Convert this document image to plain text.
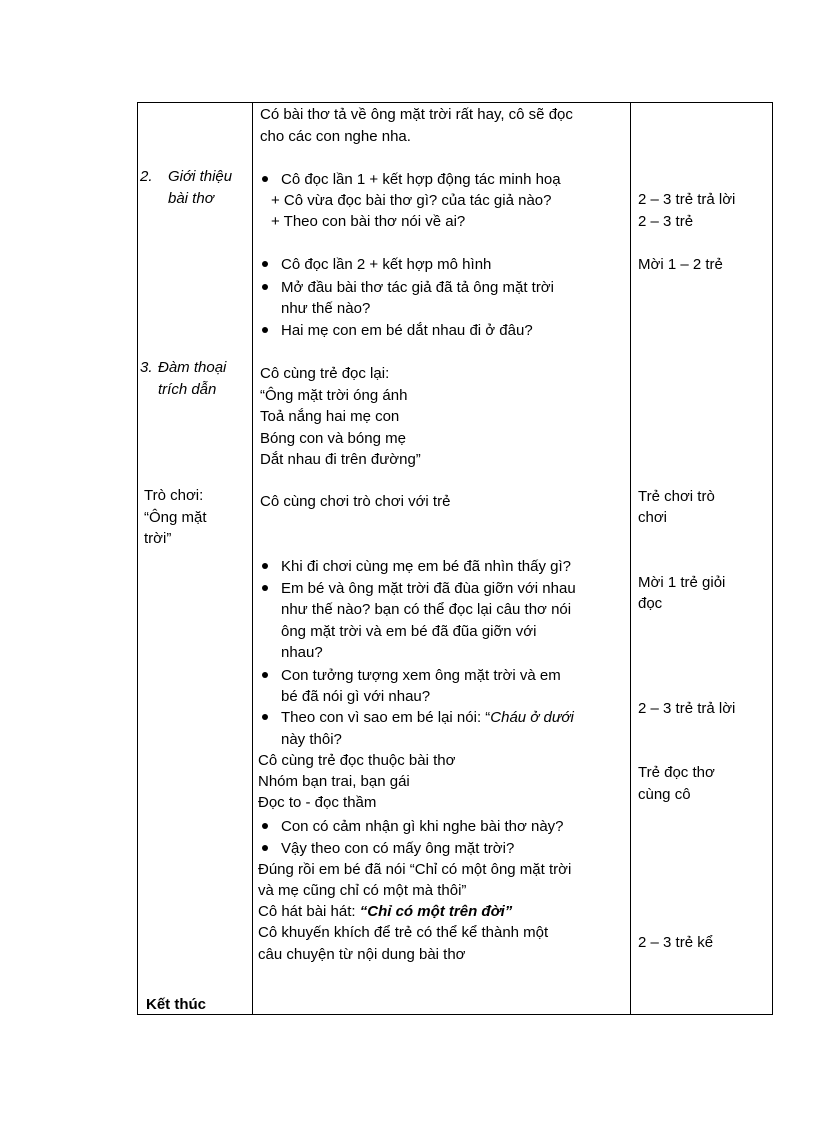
2. Giới thiệu
bài thơ
3. Đàm thoại
trích dẫn
Trò chơi:
“Ông mặt
trời”
Kết thúc
Có bài thơ tả về ông mặt trời rất hay, cô sẽ đọc
cho các con nghe nha.
Cô đọc lần 1 + kết hợp động tác minh hoạ
+ Cô vừa đọc bài thơ gì? của tác giả nào?
+ Theo con bài thơ nói về ai?
Cô đọc lần 2 + kết hợp mô hình
Mở đầu bài thơ tác giả đã tả ông mặt trời
như thế nào?
Hai mẹ con em bé dắt nhau đi ở đâu?
Cô cùng trẻ đọc lại:
“Ông mặt trời óng ánh
Toả nắng hai mẹ con
Bóng con và bóng mẹ
Dắt nhau đi trên đường”
Cô cùng chơi trò chơi với trẻ
Khi đi chơi cùng mẹ em bé đã nhìn thấy gì?
Em bé và ông mặt trời đã đùa giỡn với nhau
như thế nào? bạn có thể đọc lại câu thơ nói
ông mặt trời và em bé đã đũa giỡn với
nhau?
Con tưởng tượng xem ông mặt trời và em
bé đã nói gì với nhau?
Theo con vì sao em bé lại nói: “Cháu ở dưới
này thôi?
Cô cùng trẻ đọc thuộc bài thơ
Nhóm bạn trai, bạn gái
Đọc to - đọc thầm
Con có cảm nhận gì khi nghe bài thơ này?
Vậy theo con có mấy ông mặt trời?
Đúng rồi em bé đã nói “Chỉ có một ông mặt trời
và mẹ cũng chỉ có một mà thôi”
Cô hát bài hát: “Chỉ có một trên đời”
Cô khuyến khích để trẻ có thể kể thành một
câu chuyện từ nội dung bài thơ
2 – 3 trẻ trả lời
2 – 3 trẻ
Mời 1 – 2 trẻ
Trẻ chơi trò
chơi
Mời 1 trẻ giỏi
đọc
2 – 3 trẻ trả lời
Trẻ đọc thơ
cùng cô
2 – 3 trẻ kể
